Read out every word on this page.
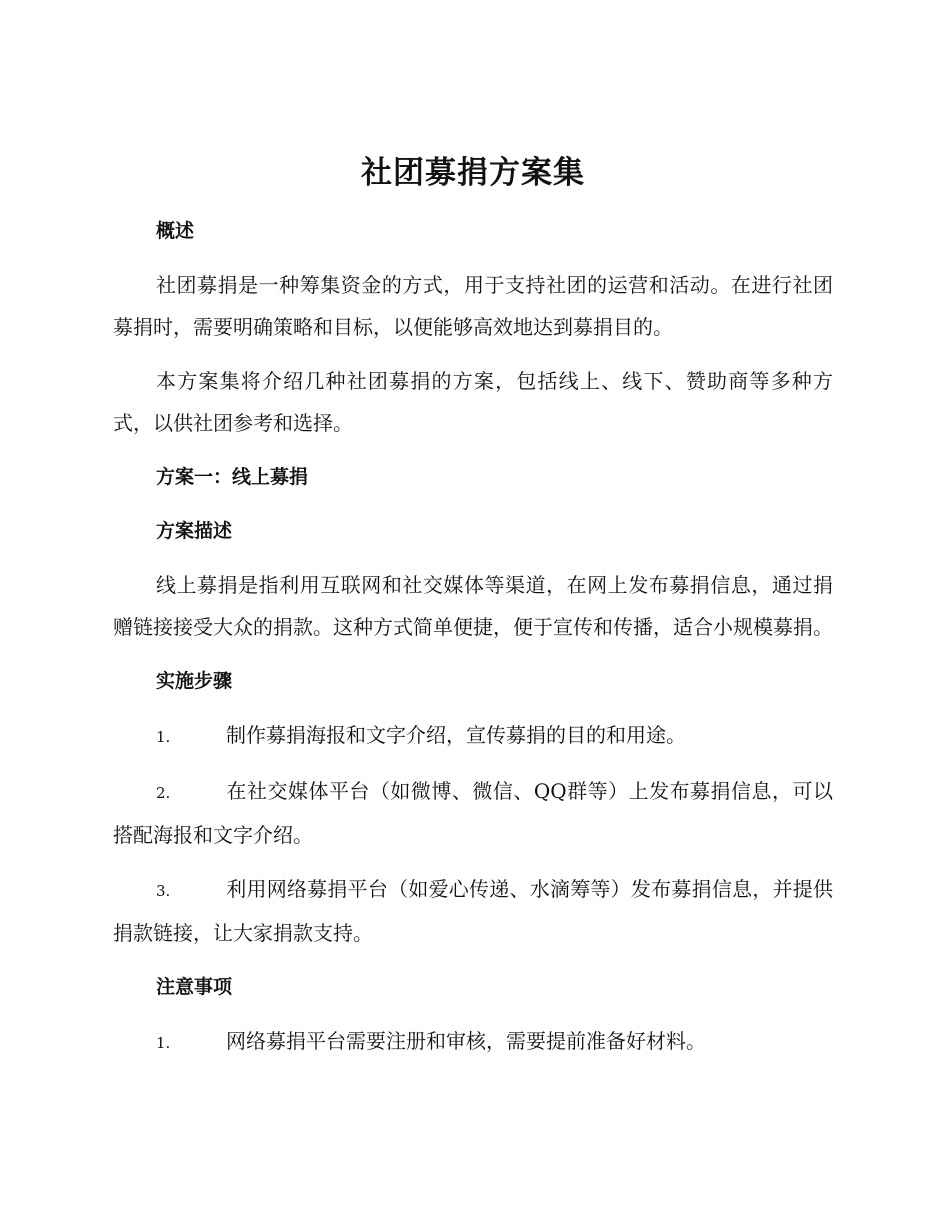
社团募捐方案集
概述

社团募捐是一种筹集资金的方式，用于支持社团的运营和活动。在进行社团募捐时，需要明确策略和目标，以便能够高效地达到募捐目的。

本方案集将介绍几种社团募捐的方案，包括线上、线下、赞助商等多种方式，以供社团参考和选择。

方案一：线上募捐
方案描述

线上募捐是指利用互联网和社交媒体等渠道，在网上发布募捐信息，通过捐赠链接接受大众的捐款。这种方式简单便捷，便于宣传和传播，适合小规模募捐。

实施步骤

1.	制作募捐海报和文字介绍，宣传募捐的目的和用途。

2.	在社交媒体平台（如微博、微信、QQ群等）上发布募捐信息，可以搭配海报和文字介绍。

3.	利用网络募捐平台（如爱心传递、水滴筹等）发布募捐信息，并提供捐款链接，让大家捐款支持。

注意事项

1.	网络募捐平台需要注册和审核，需要提前准备好材料。
